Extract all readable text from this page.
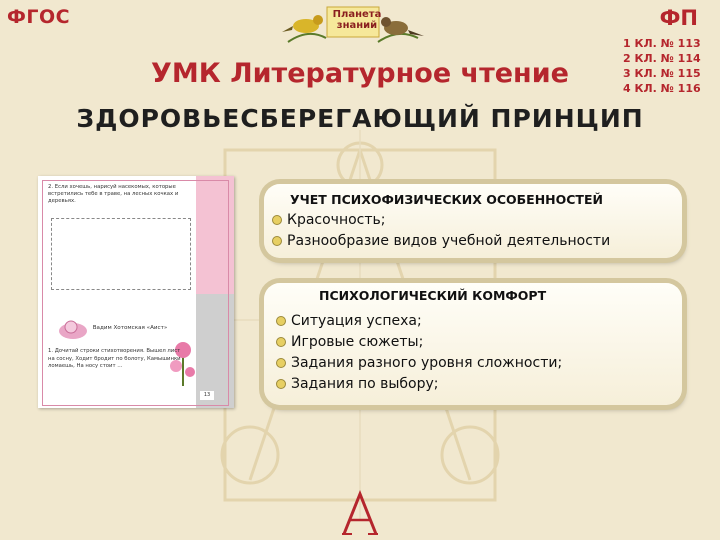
ФГОС	ФП
1 КЛ. № 113
2 КЛ. № 114
3 КЛ. № 115
4 КЛ. № 116
Планета знаний
УМК Литературное чтение
ЗДОРОВЬЕСБЕРЕГАЮЩИЙ ПРИНЦИП
2. Если хочешь, нарисуй насекомых, которые встретились тебе в траве, на лесных кочках и деревьях.
Вадим Хотомская «Аист»
1. Дочитай строки стихотворения. Вышел лист на сосну, Ходит бродит по болоту, Камышинки ломаешь, На носу стоит …
13
УЧЕТ ПСИХОФИЗИЧЕСКИХ ОСОБЕННОСТЕЙ
Красочность;
Разнообразие видов учебной деятельности
ПСИХОЛОГИЧЕСКИЙ КОМФОРТ
Ситуация успеха;
Игровые сюжеты;
Задания разного уровня сложности;
Задания по выбору;
